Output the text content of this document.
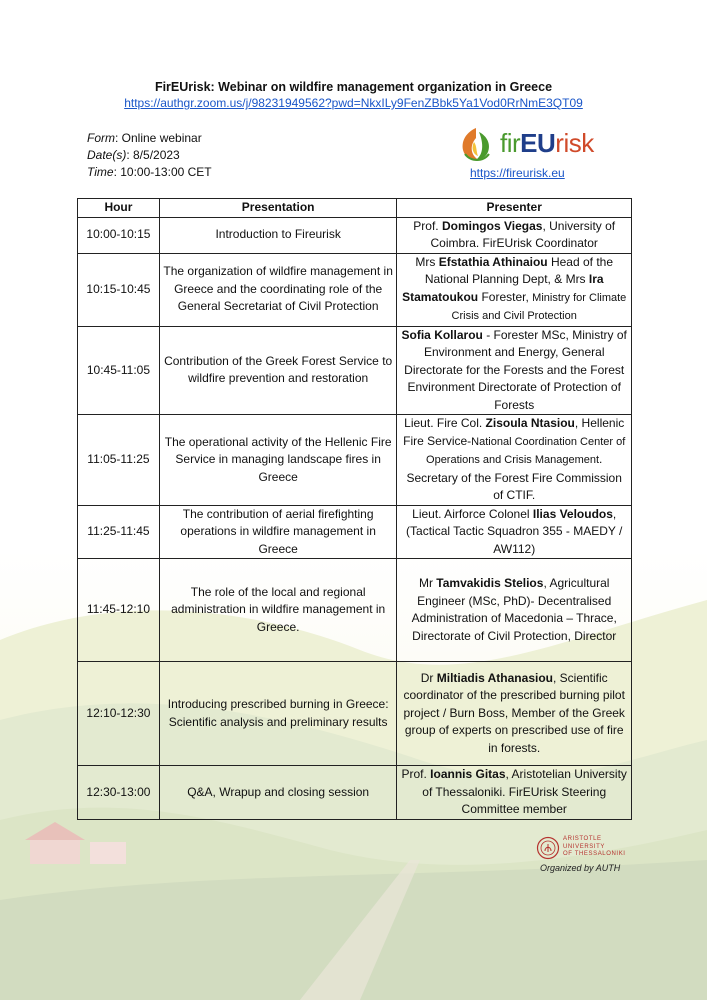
FirEUrisk: Webinar on wildfire management organization in Greece
https://authgr.zoom.us/j/98231949562?pwd=NkxILy9FenZBbk5Ya1Vod0RrNmE3QT09
Form: Online webinar
Date(s): 8/5/2023
Time: 10:00-13:00 CET
firEUrisk
https://fireurisk.eu
Hour	Presentation	Presenter
10:00-10:15	Introduction to Fireurisk	Prof. Domingos Viegas, University of Coimbra. FirEUrisk Coordinator
10:15-10:45	The organization of wildfire management in Greece and the coordinating role of the General Secretariat of Civil Protection	Mrs Efstathia Athinaiou Head of the National Planning Dept, & Mrs Ira Stamatoukou Forester, Ministry for Climate Crisis and Civil Protection
10:45-11:05	Contribution of the Greek Forest Service to wildfire prevention and restoration	Sofia Kollarou - Forester MSc, Ministry of Environment and Energy, General Directorate for the Forests and the Forest Environment Directorate of Protection of Forests
11:05-11:25	The operational activity of the Hellenic Fire Service in managing landscape fires in Greece	Lieut. Fire Col. Zisoula Ntasiou, Hellenic Fire Service-National Coordination Center of Operations and Crisis Management. Secretary of the Forest Fire Commission of CTIF.
11:25-11:45	The contribution of aerial firefighting operations in wildfire management in Greece	Lieut. Airforce Colonel Ilias Veloudos, (Tactical Tactic Squadron 355 - MAEDY / AW112)
11:45-12:10	The role of the local and regional administration in wildfire management in Greece.	Mr Tamvakidis Stelios, Agricultural Engineer (MSc, PhD)- Decentralised Administration of Macedonia – Thrace, Directorate of Civil Protection, Director
12:10-12:30	Introducing prescribed burning in Greece: Scientific analysis and preliminary results	Dr Miltiadis Athanasiou, Scientific coordinator of the prescribed burning pilot project / Burn Boss, Member of the Greek group of experts on prescribed use of fire in forests.
12:30-13:00	Q&A, Wrapup and closing session	Prof. Ioannis Gitas, Aristotelian University of Thessaloniki. FirEUrisk Steering Committee member
ARISTOTLE
UNIVERSITY
OF THESSALONIKI
Organized by AUTH
